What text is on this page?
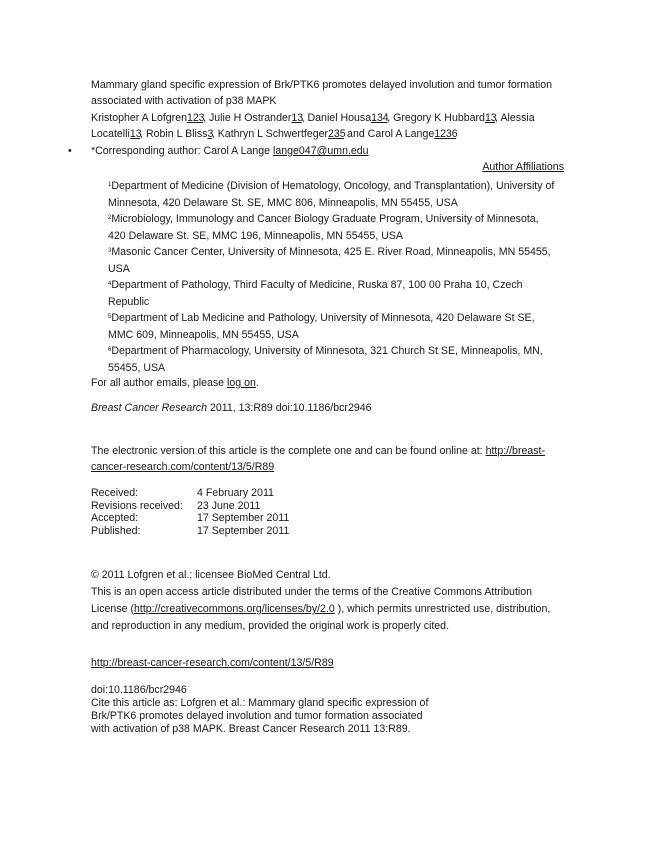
Mammary gland specific expression of Brk/PTK6 promotes delayed involution and tumor formation
associated with activation of p38 MAPK
Kristopher A Lofgren1 2 3, Julie H Ostrander1 3, Daniel Housa1 3 4, Gregory K Hubbard1 3, Alessia
Locatelli1 3, Robin L Bliss3, Kathryn L Schwertfeger2 3 5 and Carol A Lange1 2 3 6
• *Corresponding author: Carol A Lange lange047@umn.edu
Author Affiliations
$^1$Department of Medicine (Division of Hematology, Oncology, and Transplantation), University of
Minnesota, 420 Delaware St. SE, MMC 806, Minneapolis, MN 55455, USA
$^2$Microbiology, Immunology and Cancer Biology Graduate Program, University of Minnesota,
420 Delaware St. SE, MMC 196, Minneapolis, MN 55455, USA
$^3$Masonic Cancer Center, University of Minnesota, 425 E. River Road, Minneapolis, MN 55455,
USA
$^4$Department of Pathology, Third Faculty of Medicine, Ruska 87, 100 00 Praha 10, Czech
Republic
$^5$Department of Lab Medicine and Pathology, University of Minnesota, 420 Delaware St SE,
MMC 609, Minneapolis, MN 55455, USA
$^6$Department of Pharmacology, University of Minnesota, 321 Church St SE, Minneapolis, MN,
55455, USA
For all author emails, please log on.
Breast Cancer Research 2011, 13:R89 doi:10.1186/bcr2946
The electronic version of this article is the complete one and can be found online at: http://breast-
cancer-research.com/content/13/5/R89
Received:	4 February 2011
Revisions received:	23 June 2011
Accepted:	17 September 2011
Published:	17 September 2011
© 2011 Lofgren et al.; licensee BioMed Central Ltd.
This is an open access article distributed under the terms of the Creative Commons Attribution
License (http://creativecommons.org/licenses/by/2.0 ), which permits unrestricted use, distribution,
and reproduction in any medium, provided the original work is properly cited.
http://breast-cancer-research.com/content/13/5/R89
doi:10.1186/bcr2946
Cite this article as: Lofgren et al.: Mammary gland specific expression of
Brk/PTK6 promotes delayed involution and tumor formation associated
with activation of p38 MAPK. Breast Cancer Research 2011 13:R89.
